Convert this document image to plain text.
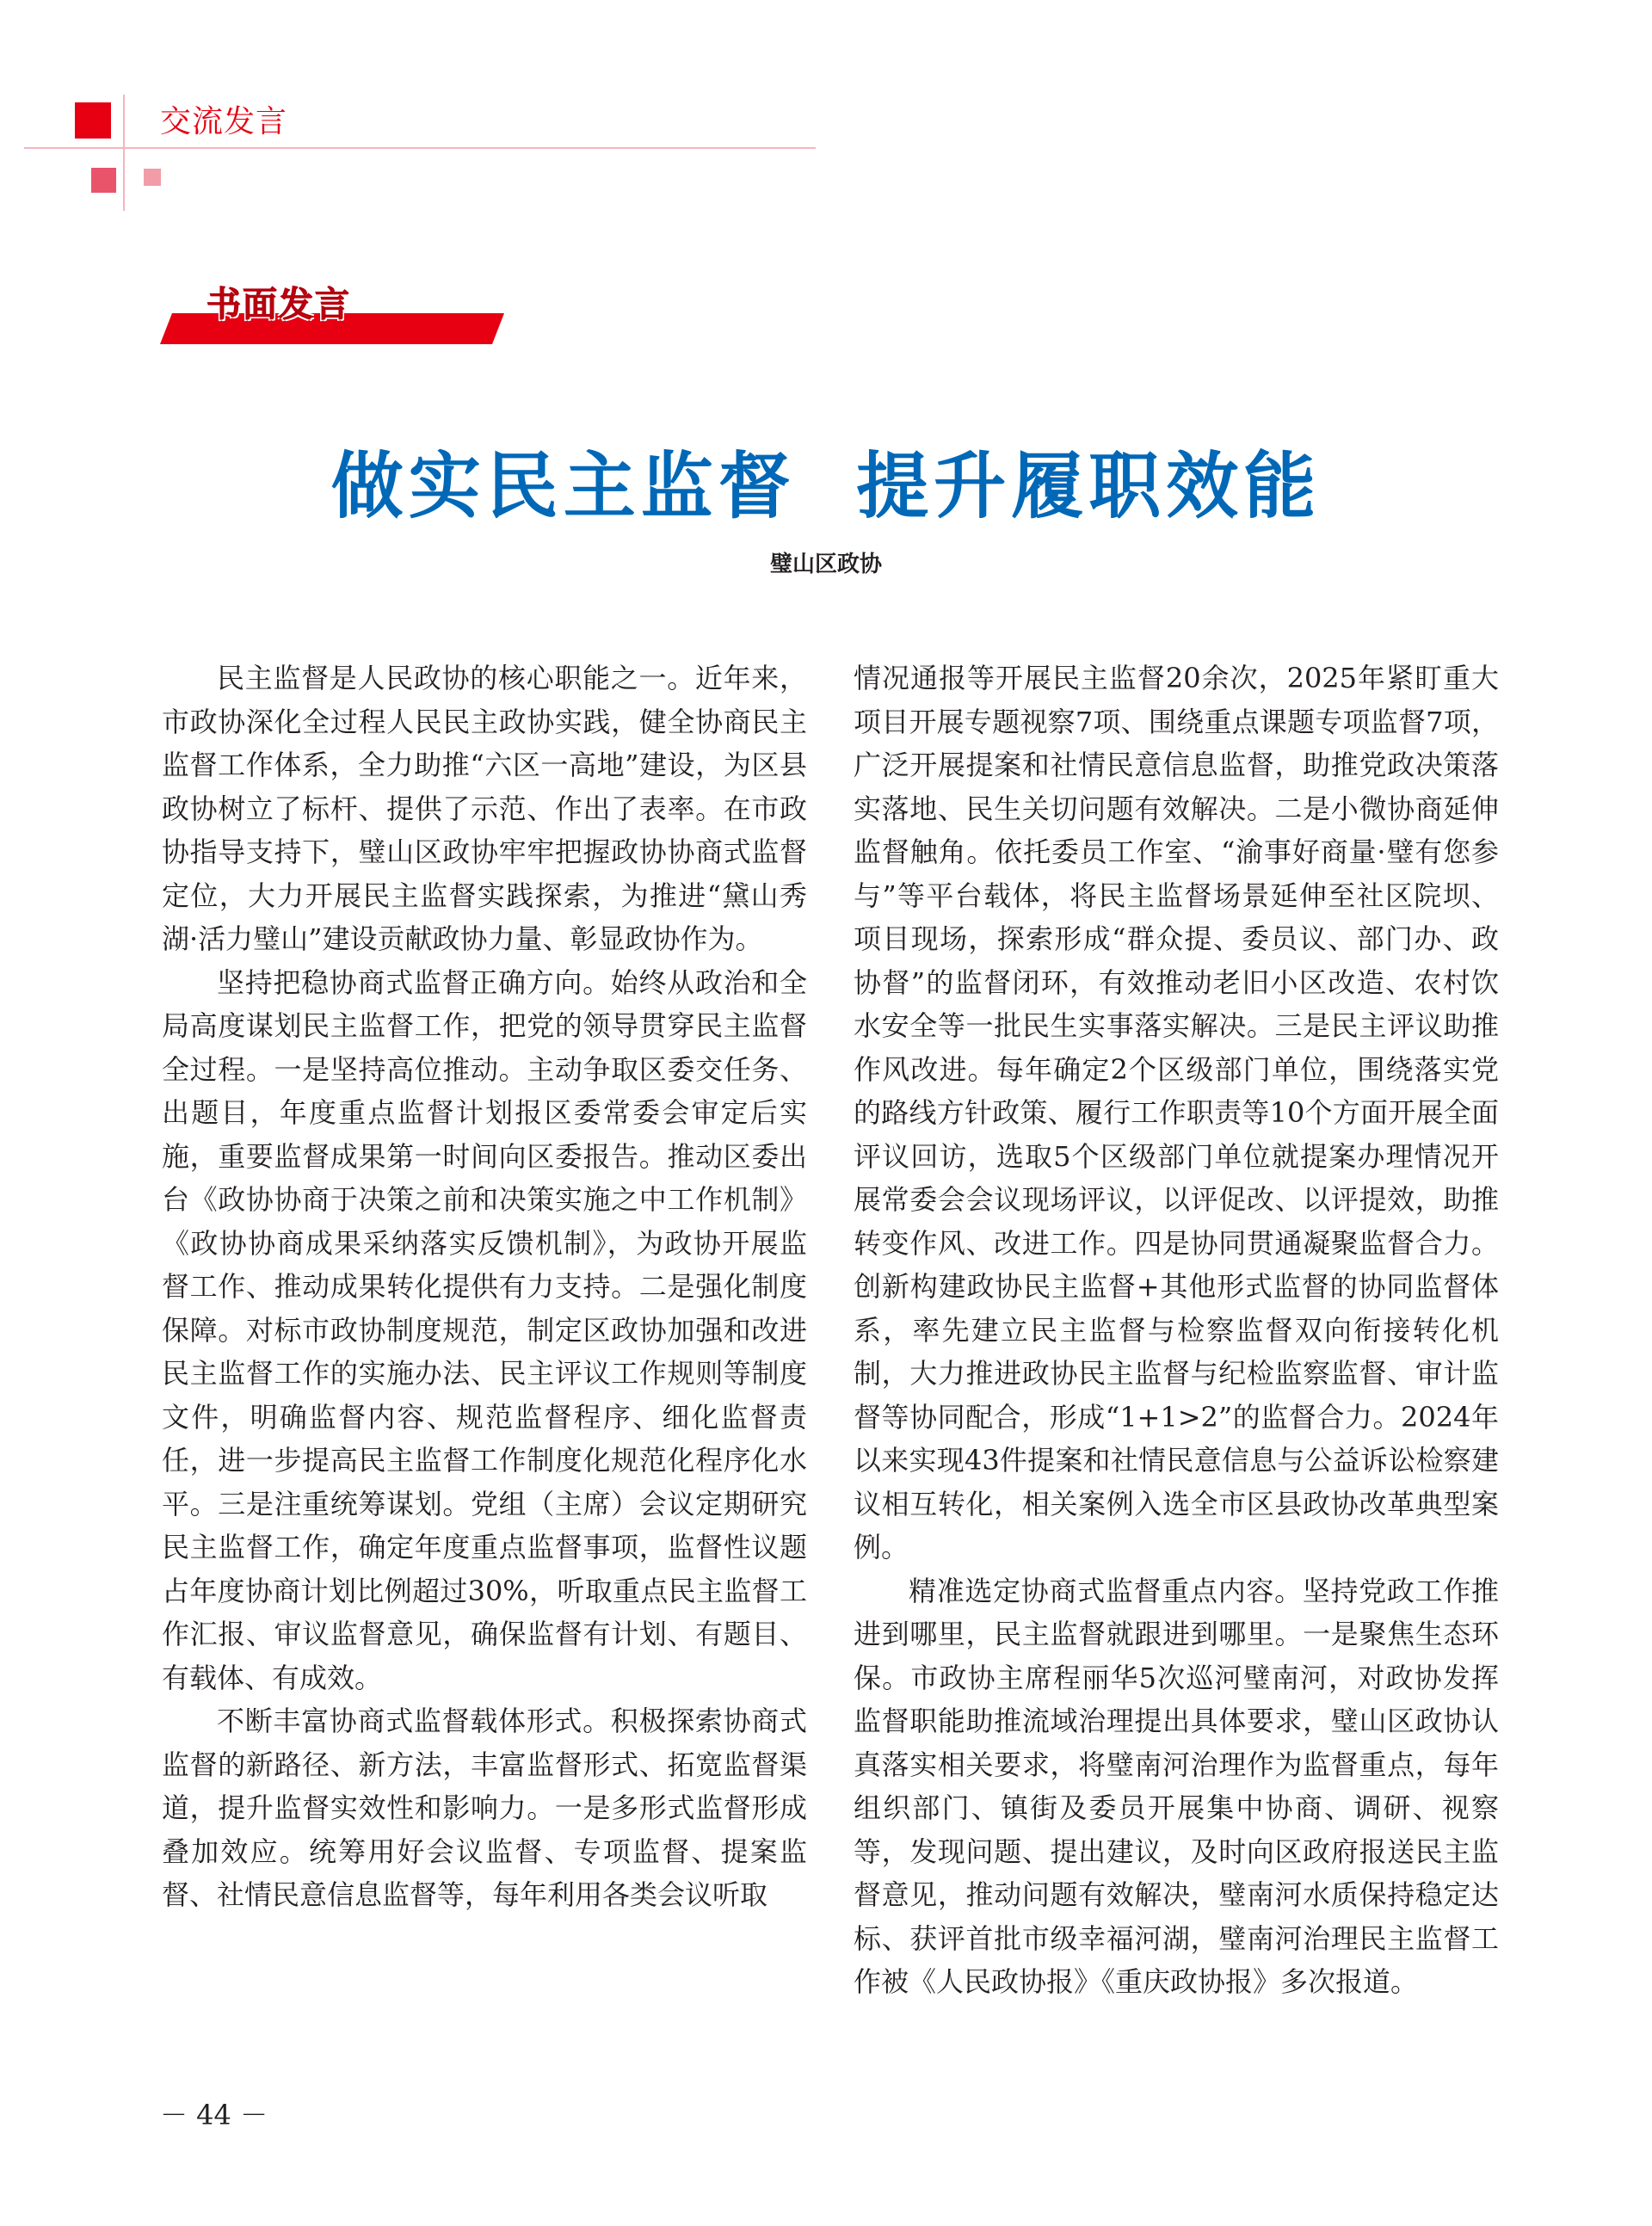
交流发言
书面发言
做实民主监督  提升履职效能
璧山区政协

民主监督是人民政协的核心职能之一。近年来，市政协深化全过程人民民主政协实践，健全协商民主监督工作体系，全力助推“六区一高地”建设，为区县政协树立了标杆、提供了示范、作出了表率。在市政协指导支持下，璧山区政协牢牢把握政协协商式监督定位，大力开展民主监督实践探索，为推进“黛山秀湖·活力璧山”建设贡献政协力量、彰显政协作为。

坚持把稳协商式监督正确方向。始终从政治和全局高度谋划民主监督工作，把党的领导贯穿民主监督全过程。一是坚持高位推动。主动争取区委交任务、出题目，年度重点监督计划报区委常委会审定后实施，重要监督成果第一时间向区委报告。推动区委出台《政协协商于决策之前和决策实施之中工作机制》《政协协商成果采纳落实反馈机制》，为政协开展监督工作、推动成果转化提供有力支持。二是强化制度保障。对标市政协制度规范，制定区政协加强和改进民主监督工作的实施办法、民主评议工作规则等制度文件，明确监督内容、规范监督程序、细化监督责任，进一步提高民主监督工作制度化规范化程序化水平。三是注重统筹谋划。党组（主席）会议定期研究民主监督工作，确定年度重点监督事项，监督性议题占年度协商计划比例超过30%，听取重点民主监督工作汇报、审议监督意见，确保监督有计划、有题目、有载体、有成效。

不断丰富协商式监督载体形式。积极探索协商式监督的新路径、新方法，丰富监督形式、拓宽监督渠道，提升监督实效性和影响力。一是多形式监督形成叠加效应。统筹用好会议监督、专项监督、提案监督、社情民意信息监督等，每年利用各类会议听取

情况通报等开展民主监督20余次，2025年紧盯重大项目开展专题视察7项、围绕重点课题专项监督7项，广泛开展提案和社情民意信息监督，助推党政决策落实落地、民生关切问题有效解决。二是小微协商延伸监督触角。依托委员工作室、“渝事好商量·璧有您参与”等平台载体，将民主监督场景延伸至社区院坝、项目现场，探索形成“群众提、委员议、部门办、政协督”的监督闭环，有效推动老旧小区改造、农村饮水安全等一批民生实事落实解决。三是民主评议助推作风改进。每年确定2个区级部门单位，围绕落实党的路线方针政策、履行工作职责等10个方面开展全面评议回访，选取5个区级部门单位就提案办理情况开展常委会会议现场评议，以评促改、以评提效，助推转变作风、改进工作。四是协同贯通凝聚监督合力。创新构建政协民主监督+其他形式监督的协同监督体系，率先建立民主监督与检察监督双向衔接转化机制，大力推进政协民主监督与纪检监察监督、审计监督等协同配合，形成“1+1>2”的监督合力。2024年以来实现43件提案和社情民意信息与公益诉讼检察建议相互转化，相关案例入选全市区县政协改革典型案例。

精准选定协商式监督重点内容。坚持党政工作推进到哪里，民主监督就跟进到哪里。一是聚焦生态环保。市政协主席程丽华5次巡河璧南河，对政协发挥监督职能助推流域治理提出具体要求，璧山区政协认真落实相关要求，将璧南河治理作为监督重点，每年组织部门、镇街及委员开展集中协商、调研、视察等，发现问题、提出建议，及时向区政府报送民主监督意见，推动问题有效解决，璧南河水质保持稳定达标、获评首批市级幸福河湖，璧南河治理民主监督工作被《人民政协报》《重庆政协报》多次报道。

－ 44 －
